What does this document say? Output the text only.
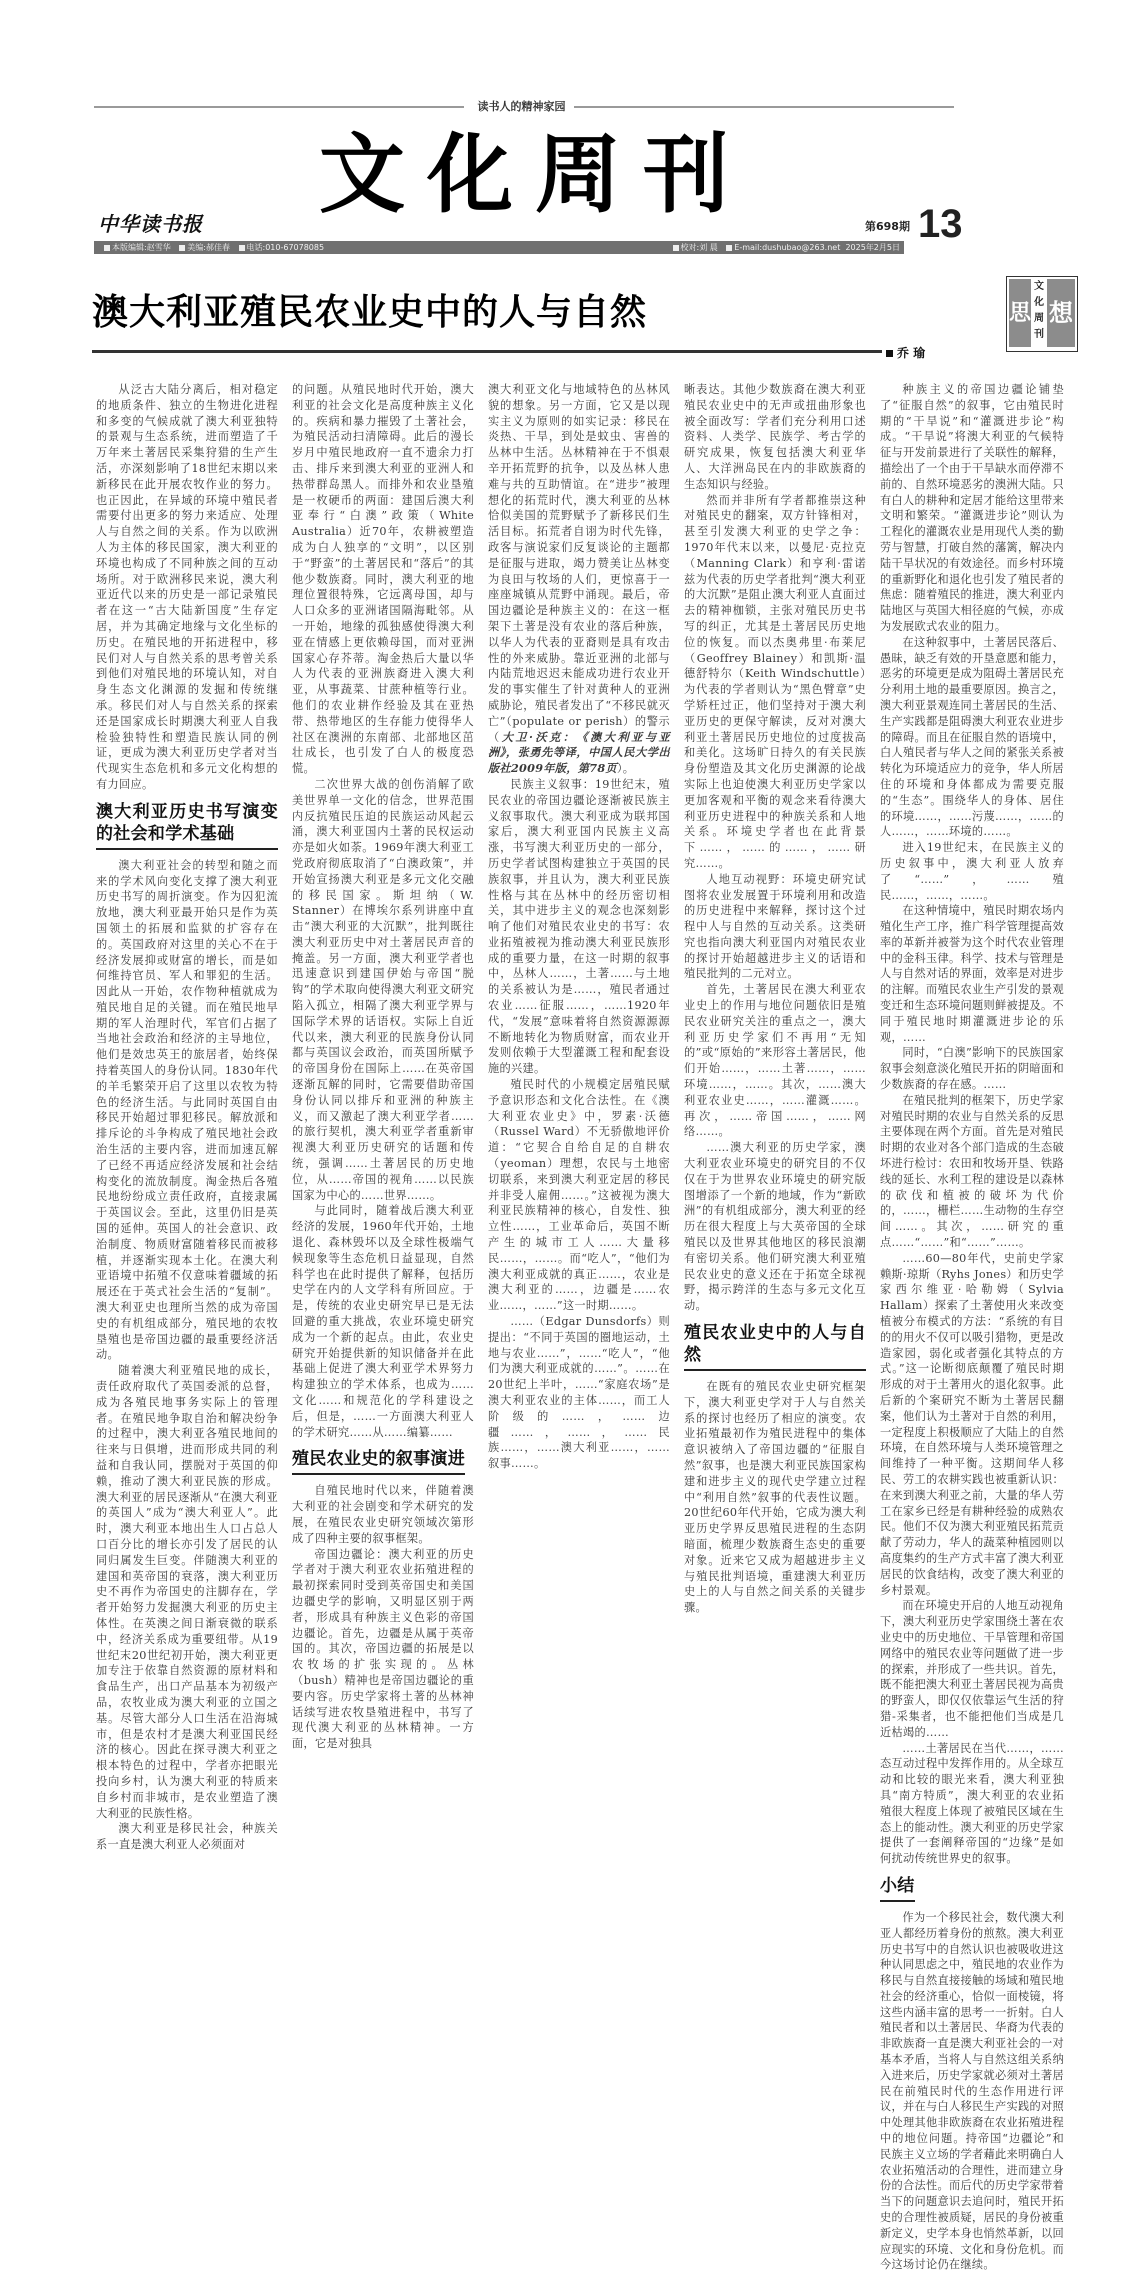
读书人的精神家园
文化周刊
中华读书报	第698期 13
本版编辑:赵雪华 美编:郝佳春 电话:010-67078085	校对:刘 晨 E-mail:dushubao@263.net 2025年2月5日
澳大利亚殖民农业史中的人与自然
乔 瑜
思
文化周刊
想

从泛古大陆分离后，相对稳定的地质条件、独立的生物进化进程和多变的气候成就了澳大利亚独特的景观与生态系统，进而塑造了千万年来土著居民采集狩猎的生产生活，亦深刻影响了18世纪末期以来新移民在此开展农牧作业的努力。也正因此，在异域的环境中殖民者需要付出更多的努力来适应、处理人与自然之间的关系。作为以欧洲人为主体的移民国家，澳大利亚的环境也构成了不同种族之间的互动场所。对于欧洲移民来说，澳大利亚近代以来的历史是一部记录殖民者在这一“古大陆新国度”生存定居，并为其确定地缘与文化坐标的历史。在殖民地的开拓进程中，移民们对人与自然关系的思考曾关系到他们对殖民地的环境认知，对自身生态文化渊源的发掘和传统继承。移民们对人与自然关系的探索还是国家成长时期澳大利亚人自我检验独特性和塑造民族认同的例证，更成为澳大利亚历史学者对当代现实生态危机和多元文化构想的有力回应。

澳大利亚历史书写演变的社会和学术基础

澳大利亚社会的转型和随之而来的学术风向变化支撑了澳大利亚历史书写的周折演变。作为囚犯流放地，澳大利亚最开始只是作为英国领土的拓展和监狱的扩容存在的。英国政府对这里的关心不在于经济发展抑或财富的增长，而是如何维持官员、军人和罪犯的生活。因此从一开始，农作物种植就成为殖民地自足的关键。而在殖民地早期的军人治理时代，军官们占据了当地社会政治和经济的主导地位，他们是效忠英王的旅居者，始终保持着英国人的身份认同。1830年代的羊毛繁荣开启了这里以农牧为特色的经济生活。与此同时英国自由移民开始超过罪犯移民。解放派和排斥论的斗争构成了殖民地社会政治生活的主要内容，进而加速瓦解了已经不再适应经济发展和社会结构变化的流放制度。淘金热后各殖民地纷纷成立责任政府，直接隶属于英国议会。至此，这里仍旧是英国的延伸。英国人的社会意识、政治制度、物质财富随着移民而被移植，并逐渐实现本土化。在澳大利亚语境中拓殖不仅意味着疆域的拓展还在于英式社会生活的“复制”。澳大利亚史也理所当然的成为帝国史的有机组成部分，殖民地的农牧垦殖也是帝国边疆的最重要经济活动。

随着澳大利亚殖民地的成长，责任政府取代了英国委派的总督，成为各殖民地事务实际上的管理者。在殖民地争取自治和解决纷争的过程中，澳大利亚各殖民地间的往来与日俱增，进而形成共同的利益和自我认同，摆脱对于英国的仰赖，推动了澳大利亚民族的形成。澳大利亚的居民逐渐从“在澳大利亚的英国人”成为“澳大利亚人”。此时，澳大利亚本地出生人口占总人口百分比的增长亦引发了居民的认同归属发生巨变。伴随澳大利亚的建国和英帝国的衰落，澳大利亚历史不再作为帝国史的注脚存在，学者开始努力发掘澳大利亚的历史主体性。在英澳之间日渐衰微的联系中，经济关系成为重要纽带。从19世纪末20世纪初开始，澳大利亚更加专注于依靠自然资源的原材料和食品生产，出口产品基本为初级产品，农牧业成为澳大利亚的立国之基。尽管大部分人口生活在沿海城市，但是农村才是澳大利亚国民经济的核心。因此在探寻澳大利亚之根本特色的过程中，学者亦把眼光投向乡村，认为澳大利亚的特质来自乡村而非城市，是农业塑造了澳大利亚的民族性格。

澳大利亚是移民社会，种族关系一直是澳大利亚人必须面对

的问题。从殖民地时代开始，澳大利亚的社会文化是高度种族主义化的。疾病和暴力摧毁了土著社会，为殖民活动扫清障碍。此后的漫长岁月中殖民地政府一直不遗余力打击、排斥来到澳大利亚的亚洲人和热带群岛黑人。而排外和农业垦殖是一枚硬币的两面：建国后澳大利亚奉行“白澳”政策（White Australia）近70年，农耕被塑造成为白人独享的“文明”，以区别于“野蛮”的土著居民和“落后”的其他少数族裔。同时，澳大利亚的地理位置很特殊，它远离母国，却与人口众多的亚洲诸国隔海毗邻。从一开始，地缘的孤独感使得澳大利亚在情感上更依赖母国，而对亚洲国家心存芥蒂。淘金热后大量以华人为代表的亚洲族裔进入澳大利亚，从事蔬菜、甘蔗种植等行业。他们的农业耕作经验及其在亚热带、热带地区的生存能力使得华人社区在澳洲的东南部、北部地区茁壮成长，也引发了白人的极度恐慌。

二次世界大战的创伤消解了欧美世界单一文化的信念，世界范围内反抗殖民压迫的民族运动风起云涌，澳大利亚国内土著的民权运动亦是如火如荼。1969年澳大利亚工党政府彻底取消了“白澳政策”，并开始宣扬澳大利亚是多元文化交融的移民国家。斯坦纳（W. Stanner）在博埃尔系列讲座中直击“澳大利亚的大沉默”，批判既往澳大利亚历史中对土著居民声音的掩盖。另一方面，澳大利亚学者也迅速意识到建国伊始与帝国“脱钩”的学术取向使得澳大利亚文研究陷入孤立，相隔了澳大利亚学界与国际学术界的话语权。实际上自近代以来，澳大利亚的民族身份认同都与英国议会政治，而英国所赋予的帝国身份在国际上……在英帝国逐渐瓦解的同时，它需要借助帝国身份认同以排斥和亚洲的种族主义，而又激起了澳大利亚学者……的旅行契机，澳大利亚学者重新审视澳大利亚历史研究的话题和传统，强调……土著居民的历史地位，从……帝国的视角……以民族国家为中心的……世界……。

与此同时，随着战后澳大利亚经济的发展，1960年代开始，土地退化、森林毁坏以及全球性极端气候现象等生态危机日益显现，自然科学也在此时提供了解释，包括历史学在内的人文学科有所回应。于是，传统的农业史研究早已是无法回避的重大挑战，农业环境史研究成为一个新的起点。由此，农业史研究开始提供新的知识储备并在此基础上促进了澳大利亚学术界努力构建独立的学术体系，也成为……文化……和规范化的学科建设之后，但是，……一方面澳大利亚人的学术研究……从……编纂……

殖民农业史的叙事演进

自殖民地时代以来，伴随着澳大利亚的社会剧变和学术研究的发展，在殖民农业史研究领域次第形成了四种主要的叙事框架。

帝国边疆论：澳大利亚的历史学者对于澳大利亚农业拓殖进程的最初探索同时受到英帝国史和美国边疆史学的影响，又明显区别于两者，形成具有种族主义色彩的帝国边疆论。首先，边疆是从属于英帝国的。其次，帝国边疆的拓展是以农牧场的扩张实现的。丛林（bush）精神也是帝国边疆论的重要内容。历史学家将土著的丛林神话续写进农牧垦殖进程中，书写了现代澳大利亚的丛林精神。一方面，它是对独具

澳大利亚文化与地域特色的丛林风貌的想象。另一方面，它又是以现实主义为原则的如实记录：移民在炎热、干旱，到处是蚊虫、害兽的丛林中生活。丛林精神在于不惧艰辛开拓荒野的抗争，以及丛林人患难与共的互助情谊。在“进步”被理想化的拓荒时代，澳大利亚的丛林恰似美国的荒野赋予了新移民们生活目标。拓荒者自诩为时代先锋，政客与演说家们反复谈论的主题都是征服与进取，竭力赞美让丛林变为良田与牧场的人们，更惊喜于一座座城镇从荒野中涌现。最后，帝国边疆论是种族主义的：在这一框架下土著是没有农业的落后种族，以华人为代表的亚裔则是具有攻击性的外来威胁。靠近亚洲的北部与内陆荒地迟迟未能成功进行农业开发的事实催生了针对黄种人的亚洲威胁论，殖民者发出了“不移民就灭亡”（populate or perish）的警示（大卫·沃克：《澳大利亚与亚洲》，张勇先等译，中国人民大学出版社2009年版，第78页）。

民族主义叙事：19世纪末，殖民农业的帝国边疆论逐渐被民族主义叙事取代。澳大利亚成为联邦国家后，澳大利亚国内民族主义高涨，书写澳大利亚历史的一部分，历史学者试图构建独立于英国的民族叙事，并且认为，澳大利亚民族性格与其在丛林中的经历密切相关，其中进步主义的观念也深刻影响了他们对殖民农业史的书写：农业拓殖被视为推动澳大利亚民族形成的重要力量，在这一时期的叙事中，丛林人……，土著……与土地的关系被认为是……，殖民者通过农业……征服……，……1920年代，“发展”意味着将自然资源源源不断地转化为物质财富，而农业开发则依赖于大型灌溉工程和配套设施的兴建。

殖民时代的小规模定居殖民赋予意识形态和文化合法性。在《澳大利亚农业史》中，罗素·沃德（Russel Ward）不无骄傲地评价道：“它契合自给自足的自耕农（yeoman）理想，农民与土地密切联系，来到澳大利亚定居的移民并非受人雇佣……。”这被视为澳大利亚民族精神的核心，自发性、独立性……，工业革命后，英国不断产生的城市工人……大量移民……，……。而“吃人”，“他们为澳大利亚成就的真正……，农业是澳大利亚的……，边疆是……农业……，……”这一时期……。

……（Edgar Dunsdorfs）则提出：“不同于英国的圈地运动，土地与农业……”，……“吃人”，“他们为澳大利亚成就的……”。……在20世纪上半叶，……“家庭农场”是澳大利亚农业的主体……，而工人阶级的……，……边疆……，……，……民族……，……澳大利亚……，……叙事……。

晰表达。其他少数族裔在澳大利亚殖民农业史中的无声或扭曲形象也被全面改写：学者们充分利用口述资料、人类学、民族学、考古学的研究成果，恢复包括澳大利亚华人、大洋洲岛民在内的非欧族裔的生态知识与经验。

然而并非所有学者都推崇这种对殖民史的翻案，双方针锋相对，甚至引发澳大利亚的史学之争：1970年代末以来，以曼尼·克拉克（Manning Clark）和亨利·雷诺兹为代表的历史学者批判“澳大利亚的大沉默”是阻止澳大利亚人直面过去的精神枷锁，主张对殖民历史书写的纠正，尤其是土著居民历史地位的恢复。而以杰奥弗里·布莱尼（Geoffrey Blainey）和凯斯·温德舒特尔（Keith Windschuttle）为代表的学者则认为“黑色臂章”史学矫枉过正，他们坚持对于澳大利亚历史的更保守解读，反对对澳大利亚土著居民历史地位的过度拔高和美化。这场旷日持久的有关民族身份塑造及其文化历史渊源的论战实际上也迫使澳大利亚历史学家以更加客观和平衡的观念来看待澳大利亚历史进程中的种族关系和人地关系。环境史学者也在此背景下……，……的……，……研究……。

人地互动视野：环境史研究试图将农业发展置于环境利用和改造的历史进程中来解释，探讨这个过程中人与自然的互动关系。这类研究也指向澳大利亚国内对殖民农业的探讨开始超越进步主义的话语和殖民批判的二元对立。

首先，土著居民在澳大利亚农业史上的作用与地位问题依旧是殖民农业研究关注的重点之一，澳大利亚历史学家们不再用“无知的”或“原始的”来形容土著居民，他们开始……，……土著……，……环境……，……。其次，……澳大利亚农业史……，……灌溉……。再次，……帝国……，……网络……。

……澳大利亚的历史学家，澳大利亚农业环境史的研究目的不仅仅在于为世界农业环境史的研究版图增添了一个新的地域，作为“新欧洲”的有机组成部分，澳大利亚的经历在很大程度上与大英帝国的全球殖民以及世界其他地区的移民浪潮有密切关系。他们研究澳大利亚殖民农业史的意义还在于拓宽全球视野，揭示跨洋的生态与多元文化互动。

殖民农业史中的人与自然

在既有的殖民农业史研究框架下，澳大利亚史学对于人与自然关系的探讨也经历了相应的演变。农业拓殖最初作为殖民进程中的集体意识被纳入了帝国边疆的“征服自然”叙事，也是澳大利亚民族国家构建和进步主义的现代史学建立过程中“利用自然”叙事的代表性议题。20世纪60年代开始，它成为澳大利亚历史学界反思殖民进程的生态阴暗面，梳理少数族裔生态史的重要对象。近来它又成为超越进步主义与殖民批判语境，重建澳大利亚历史上的人与自然之间关系的关键步骤。

种族主义的帝国边疆论铺垫了“征服自然”的叙事，它由殖民时期的“干旱说”和“灌溉进步论”构成。“干旱说”将澳大利亚的气候特征与开发前景进行了关联性的解释，描绘出了一个由于干旱缺水而停滞不前的、自然环境恶劣的澳洲大陆。只有白人的耕种和定居才能给这里带来文明和繁荣。“灌溉进步论”则认为工程化的灌溉农业是用现代人类的勤劳与智慧，打破自然的藩篱，解决内陆干旱状况的有效途径。而乡村环境的重新野化和退化也引发了殖民者的焦虑：随着殖民的推进，澳大利亚内陆地区与英国大相径庭的气候，亦成为发展欧式农业的阻力。

在这种叙事中，土著居民落后、愚昧，缺乏有效的开垦意愿和能力，恶劣的环境更是成为阻碍土著居民充分利用土地的最重要原因。换言之，澳大利亚景观连同土著居民的生活、生产实践都是阻碍澳大利亚农业进步的障碍。而且在征服自然的语境中，白人殖民者与华人之间的紧张关系被转化为环境适应力的竞争，华人所居住的环境和身体都成为需要克服的“生态”。围绕华人的身体、居住的环境……，……污蔑……，……的人……，……环境的……。

进入19世纪末，在民族主义的历史叙事中，澳大利亚人放弃了“……”，……殖民……，……，……。

在这种情境中，殖民时期农场内殖化生产工序，推广科学管理提高效率的革新并被誉为这个时代农业管理中的金科玉律。科学、技术与管理是人与自然对话的界面，效率是对进步的注解。而殖民农业生产引发的景观变迁和生态环境问题则鲜被提及。不同于殖民地时期灌溉进步论的乐观，……

同时，“白澳”影响下的民族国家叙事会刻意淡化殖民开拓的阴暗面和少数族裔的存在感。……

在殖民批判的框架下，历史学家对殖民时期的农业与自然关系的反思主要体现在两个方面。首先是对殖民时期的农业对各个部门造成的生态破坏进行检讨：农田和牧场开垦、铁路线的延长、水利工程的建设是以森林的砍伐和植被的破坏为代价的，……，栅栏……生动物的生存空间……。其次，……研究的重点……“……”和“……”……。

……60—80年代，史前史学家赖斯·琼斯（Ryhs Jones）和历史学家西尔维亚·哈勒姆（Sylvia Hallam）探索了土著使用火来改变植被分布模式的方法：“系统的有目的的用火不仅可以吸引猎物，更是改造家园，弱化或者强化其特点的方式。”这一论断彻底颠覆了殖民时期形成的对于土著用火的退化叙事。此后新的个案研究不断为土著居民翻案，他们认为土著对于自然的利用，一定程度上积极顺应了大陆上的自然环境，在自然环境与人类环境管理之间维持了一种平衡。这期间华人移民、劳工的农耕实践也被重新认识：在来到澳大利亚之前，大量的华人劳工在家乡已经是有耕种经验的成熟农民。他们不仅为澳大利亚殖民拓荒贡献了劳动力，华人的蔬菜种植园则以高度集约的生产方式丰富了澳大利亚居民的饮食结构，改变了澳大利亚的乡村景观。

而在环境史开启的人地互动视角下，澳大利亚历史学家围绕土著在农业史中的历史地位、干旱管理和帝国网络中的殖民农业等问题做了进一步的探索，并形成了一些共识。首先，既不能把澳大利亚土著居民视为高贵的野蛮人，即仅仅依靠运气生活的狩猎-采集者，也不能把他们当成是几近枯竭的……

……土著居民在当代……，……态互动过程中发挥作用的。从全球互动和比较的眼光来看，澳大利亚独具“南方特质”，澳大利亚的农业拓殖很大程度上体现了被殖民区域在生态上的能动性。澳大利亚的历史学家提供了一套阐释帝国的“边缘”是如何扰动传统世界史的叙事。

小结

作为一个移民社会，数代澳大利亚人都经历着身份的煎熬。澳大利亚历史书写中的自然认识也被吸收进这种认同思虑之中，殖民地的农业作为移民与自然直接接触的场域和殖民地社会的经济重心，恰似一面棱镜，将这些内涵丰富的思考一一折射。白人殖民者和以土著居民、华裔为代表的非欧族裔一直是澳大利亚社会的一对基本矛盾，当将人与自然这组关系纳入进来后，历史学家就必须对土著居民在前殖民时代的生态作用进行评议，并在与白人移民生产实践的对照中处理其他非欧族裔在农业拓殖进程中的地位问题。持帝国“边疆论”和民族主义立场的学者藉此来明确白人农业拓殖活动的合理性，进而建立身份的合法性。而后代的历史学家带着当下的问题意识去追问时，殖民开拓史的合理性被质疑，居民的身份被重新定义，史学本身也悄然革新，以回应现实的环境、文化和身份危机。而今这场讨论仍在继续。
